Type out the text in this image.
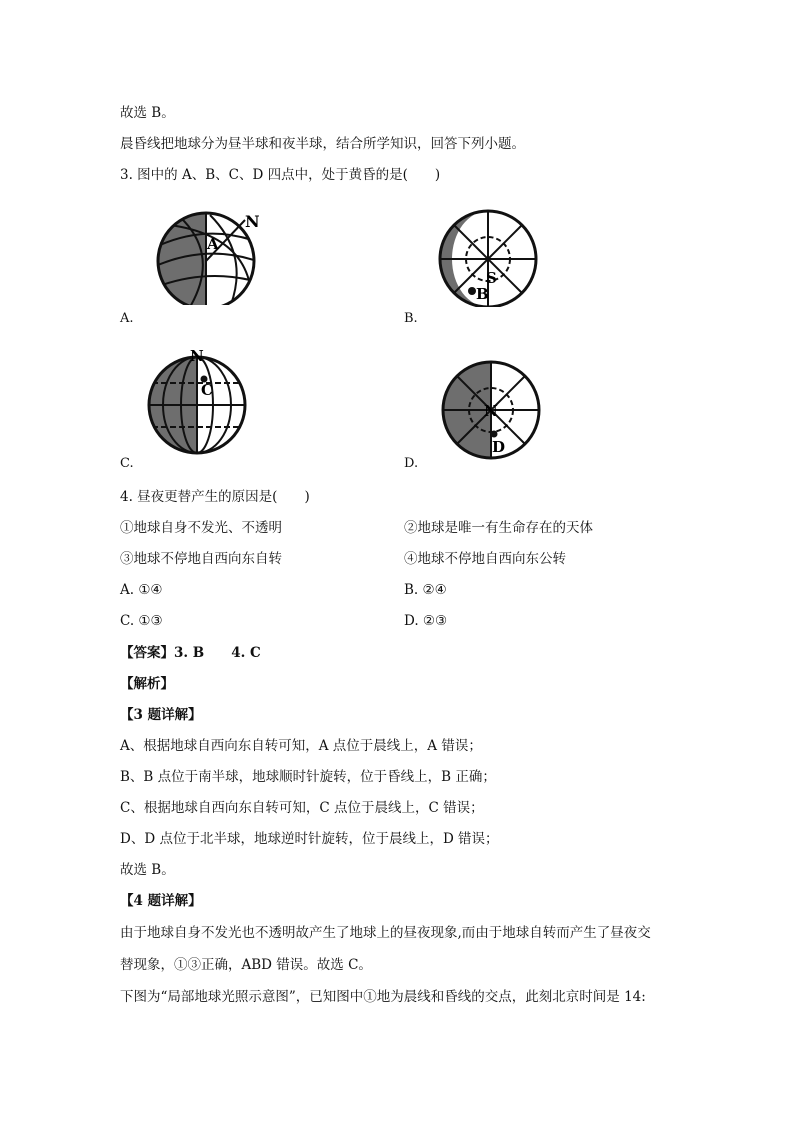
故选 B。
晨昏线把地球分为昼半球和夜半球，结合所学知识，回答下列小题。
3. 图中的 A、B、C、D 四点中，处于黄昏的是(　　)
A
N
A.
B
S
B.
N
C
C.
N
D
D.
4. 昼夜更替产生的原因是(　　)
①地球自身不发光、不透明	②地球是唯一有生命存在的天体
③地球不停地自西向东自转	④地球不停地自西向东公转
A. ①④	B. ②④
C. ①③	D. ②③
【答案】3. B　　4. C
【解析】
【3 题详解】
A、根据地球自西向东自转可知，A 点位于晨线上，A 错误；
B、B 点位于南半球，地球顺时针旋转，位于昏线上，B 正确；
C、根据地球自西向东自转可知，C 点位于晨线上，C 错误；
D、D 点位于北半球，地球逆时针旋转，位于晨线上，D 错误；
故选 B。
【4 题详解】
由于地球自身不发光也不透明故产生了地球上的昼夜现象,而由于地球自转而产生了昼夜交
替现象，①③正确，ABD 错误。故选 C。
下图为“局部地球光照示意图”，已知图中①地为晨线和昏线的交点，此刻北京时间是 14:
